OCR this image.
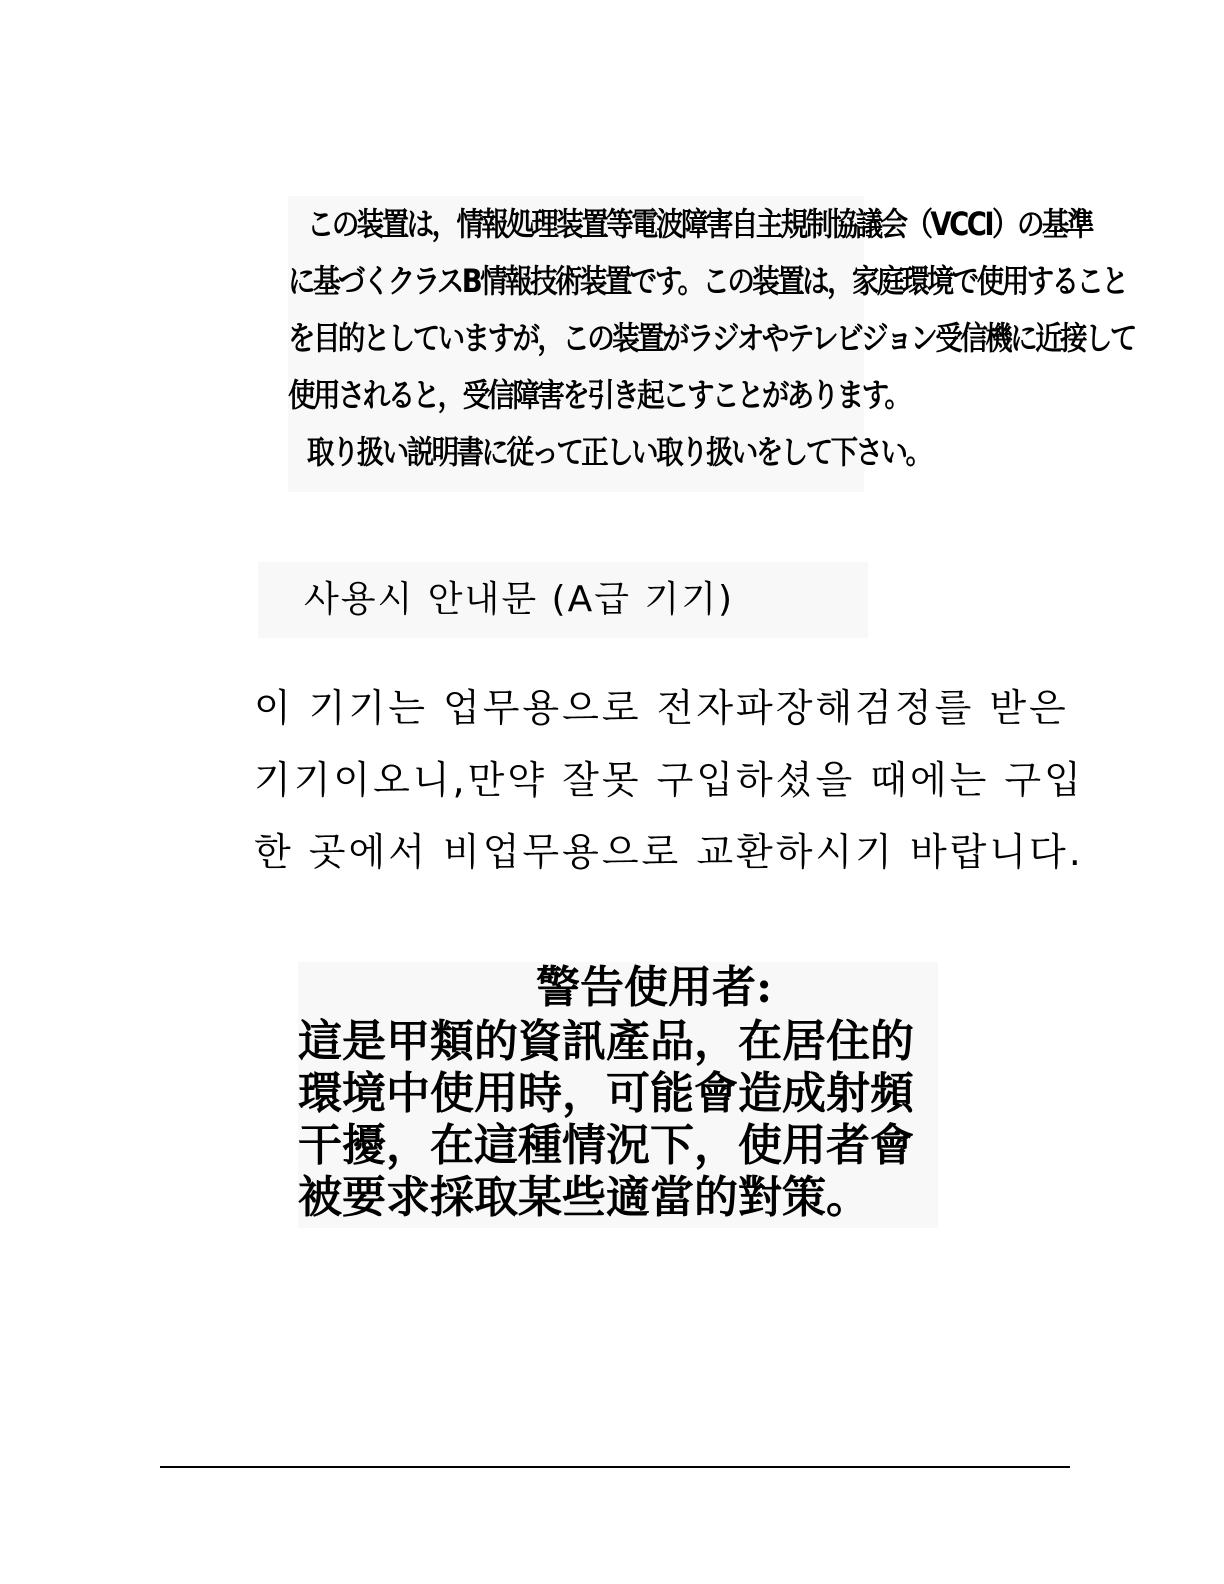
この装置は，情報処理装置等電波障害自主規制協議会（VCCI）の基準
に基づくクラスB情報技術装置です。この装置は，家庭環境で使用すること
を目的としていますが，この装置がラジオやテレビジョン受信機に近接して
使用されると，受信障害を引き起こすことがあります。
取り扱い説明書に従って正しい取り扱いをして下さい。
사용시 안내문 (A급 기기)
이 기기는 업무용으로 전자파장해검정를 받은
기기이오니,만약 잘못 구입하셨을 때에는 구입
한 곳에서 비업무용으로 교환하시기 바랍니다.
警告使用者:
這是甲類的資訊產品，在居住的
環境中使用時，可能會造成射頻
干擾，在這種情況下，使用者會
被要求採取某些適當的對策。
